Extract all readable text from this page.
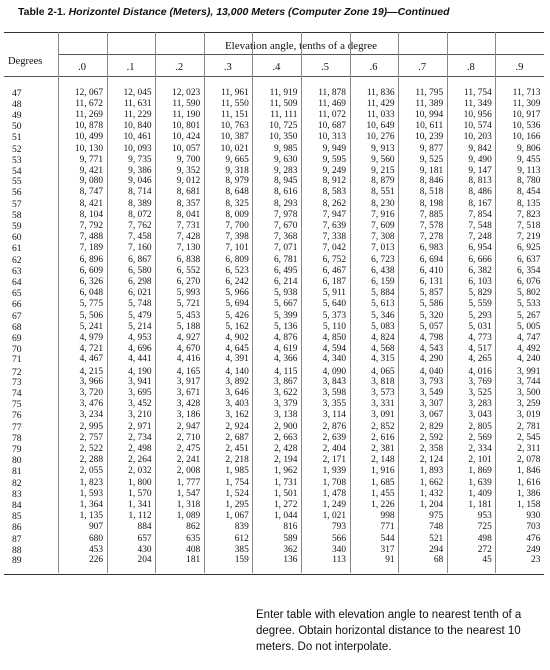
Table 2-1. Horizontel Distance (Meters), 13,000 Meters (Computer Zone 19)—Continued
Elevation angle, tenths of a degree
Degrees
.0	.1	.2	.3	.4	.5	.6	.7	.8	.9
47	12, 067	12, 045	12, 023	11, 961	11, 919	11, 878	11, 836	11, 795	11, 754	11, 713
48	11, 672	11, 631	11, 590	11, 550	11, 509	11, 469	11, 429	11, 389	11, 349	11, 309
49	11, 269	11, 229	11, 190	11, 151	11, 111	11, 072	11, 033	10, 994	10, 956	10, 917
50	10, 878	10, 840	10, 801	10, 763	10, 725	10, 687	10, 649	10, 611	10, 574	10, 536
51	10, 499	10, 461	10, 424	10, 387	10, 350	10, 313	10, 276	10, 239	10, 203	10, 166
52	10, 130	10, 093	10, 057	10, 021	9, 985	9, 949	9, 913	9, 877	9, 842	9, 806
53	9, 771	9, 735	9, 700	9, 665	9, 630	9, 595	9, 560	9, 525	9, 490	9, 455
54	9, 421	9, 386	9, 352	9, 318	9, 283	9, 249	9, 215	9, 181	9, 147	9, 113
55	9, 080	9, 046	9, 012	8, 979	8, 945	8, 912	8, 879	8, 846	8, 813	8, 780
56	8, 747	8, 714	8, 681	8, 648	8, 616	8, 583	8, 551	8, 518	8, 486	8, 454
57	8, 421	8, 389	8, 357	8, 325	8, 293	8, 262	8, 230	8, 198	8, 167	8, 135
58	8, 104	8, 072	8, 041	8, 009	7, 978	7, 947	7, 916	7, 885	7, 854	7, 823
59	7, 792	7, 762	7, 731	7, 700	7, 670	7, 639	7, 609	7, 578	7, 548	7, 518
60	7, 488	7, 458	7, 428	7, 398	7, 368	7, 338	7, 308	7, 278	7, 248	7, 219
61	7, 189	7, 160	7, 130	7, 101	7, 071	7, 042	7, 013	6, 983	6, 954	6, 925
62	6, 896	6, 867	6, 838	6, 809	6, 781	6, 752	6, 723	6, 694	6, 666	6, 637
63	6, 609	6, 580	6, 552	6, 523	6, 495	6, 467	6, 438	6, 410	6, 382	6, 354
64	6, 326	6, 298	6, 270	6, 242	6, 214	6, 187	6, 159	6, 131	6, 103	6, 076
65	6, 048	6, 021	5, 993	5, 966	5, 938	5, 911	5, 884	5, 857	5, 829	5, 802
66	5, 775	5, 748	5, 721	5, 694	5, 667	5, 640	5, 613	5, 586	5, 559	5, 533
67	5, 506	5, 479	5, 453	5, 426	5, 399	5, 373	5, 346	5, 320	5, 293	5, 267
68	5, 241	5, 214	5, 188	5, 162	5, 136	5, 110	5, 083	5, 057	5, 031	5, 005
69	4, 979	4, 953	4, 927	4, 902	4, 876	4, 850	4, 824	4, 798	4, 773	4, 747
70	4, 721	4, 696	4, 670	4, 645	4, 619	4, 594	4, 568	4, 543	4, 517	4, 492
71	4, 467	4, 441	4, 416	4, 391	4, 366	4, 340	4, 315	4, 290	4, 265	4, 240
72	4, 215	4, 190	4, 165	4, 140	4, 115	4, 090	4, 065	4, 040	4, 016	3, 991
73	3, 966	3, 941	3, 917	3, 892	3, 867	3, 843	3, 818	3, 793	3, 769	3, 744
74	3, 720	3, 695	3, 671	3, 646	3, 622	3, 598	3, 573	3, 549	3, 525	3, 500
75	3, 476	3, 452	3, 428	3, 403	3, 379	3, 355	3, 331	3, 307	3, 283	3, 259
76	3, 234	3, 210	3, 186	3, 162	3, 138	3, 114	3, 091	3, 067	3, 043	3, 019
77	2, 995	2, 971	2, 947	2, 924	2, 900	2, 876	2, 852	2, 829	2, 805	2, 781
78	2, 757	2, 734	2, 710	2, 687	2, 663	2, 639	2, 616	2, 592	2, 569	2, 545
79	2, 522	2, 498	2, 475	2, 451	2, 428	2, 404	2, 381	2, 358	2, 334	2, 311
80	2, 288	2, 264	2, 241	2, 218	2, 194	2, 171	2, 148	2, 124	2, 101	2, 078
81	2, 055	2, 032	2, 008	1, 985	1, 962	1, 939	1, 916	1, 893	1, 869	1, 846
82	1, 823	1, 800	1, 777	1, 754	1, 731	1, 708	1, 685	1, 662	1, 639	1, 616
83	1, 593	1, 570	1, 547	1, 524	1, 501	1, 478	1, 455	1, 432	1, 409	1, 386
84	1, 364	1, 341	1, 318	1, 295	1, 272	1, 249	1, 226	1, 204	1, 181	1, 158
85	1, 135	1, 112	1, 089	1, 067	1, 044	1, 021	998	975	953	930
86	907	884	862	839	816	793	771	748	725	703
87	680	657	635	612	589	566	544	521	498	476
88	453	430	408	385	362	340	317	294	272	249
89	226	204	181	159	136	113	91	68	45	23
Enter table with elevation angle to nearest tenth of a degree. Obtain horizontal distance to the nearest 10 meters. Do not interpolate.
